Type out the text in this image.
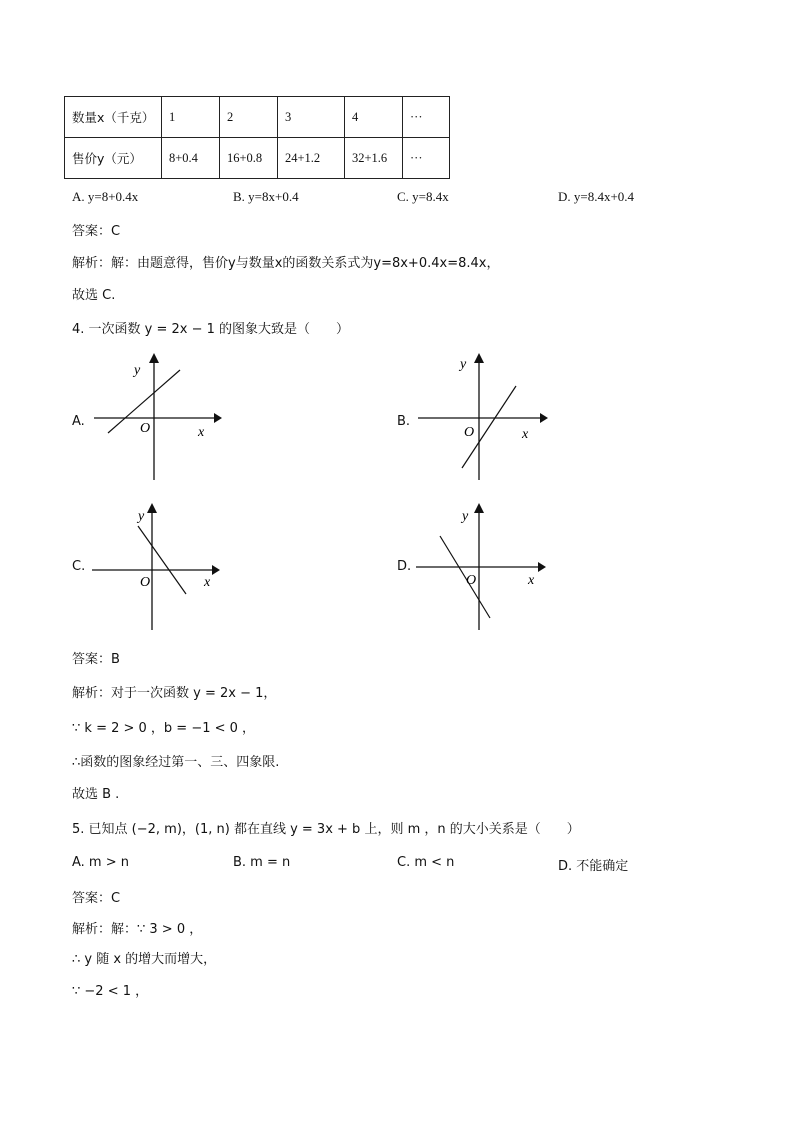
数量x（千克）	1	2	3	4	···
售价y（元）	8+0.4	16+0.8	24+1.2	32+1.6	···
A. y=8+0.4x	B. y=8x+0.4	C. y=8.4x	D. y=8.4x+0.4
答案：C
解析：解：由题意得，售价y与数量x的函数关系式为y=8x+0.4x=8.4x，
故选 C.
4. 一次函数 y = 2x − 1 的图象大致是（　　）
A.	B.
C.	D.
y
O	x
y
O	x
y
O	x
y
O	x
答案：B
解析：对于一次函数 y = 2x − 1，
∵ k = 2 > 0 ，b = −1 < 0 ，
∴函数的图象经过第一、三、四象限.
故选 B .
5. 已知点 (−2, m)，(1, n) 都在直线 y = 3x + b 上，则 m ，n 的大小关系是（　　）
A. m > n	B. m = n	C. m < n	D. 不能确定
答案：C
解析：解：∵ 3 > 0 ，
∴ y 随 x 的增大而增大，
∵ −2 < 1 ，
